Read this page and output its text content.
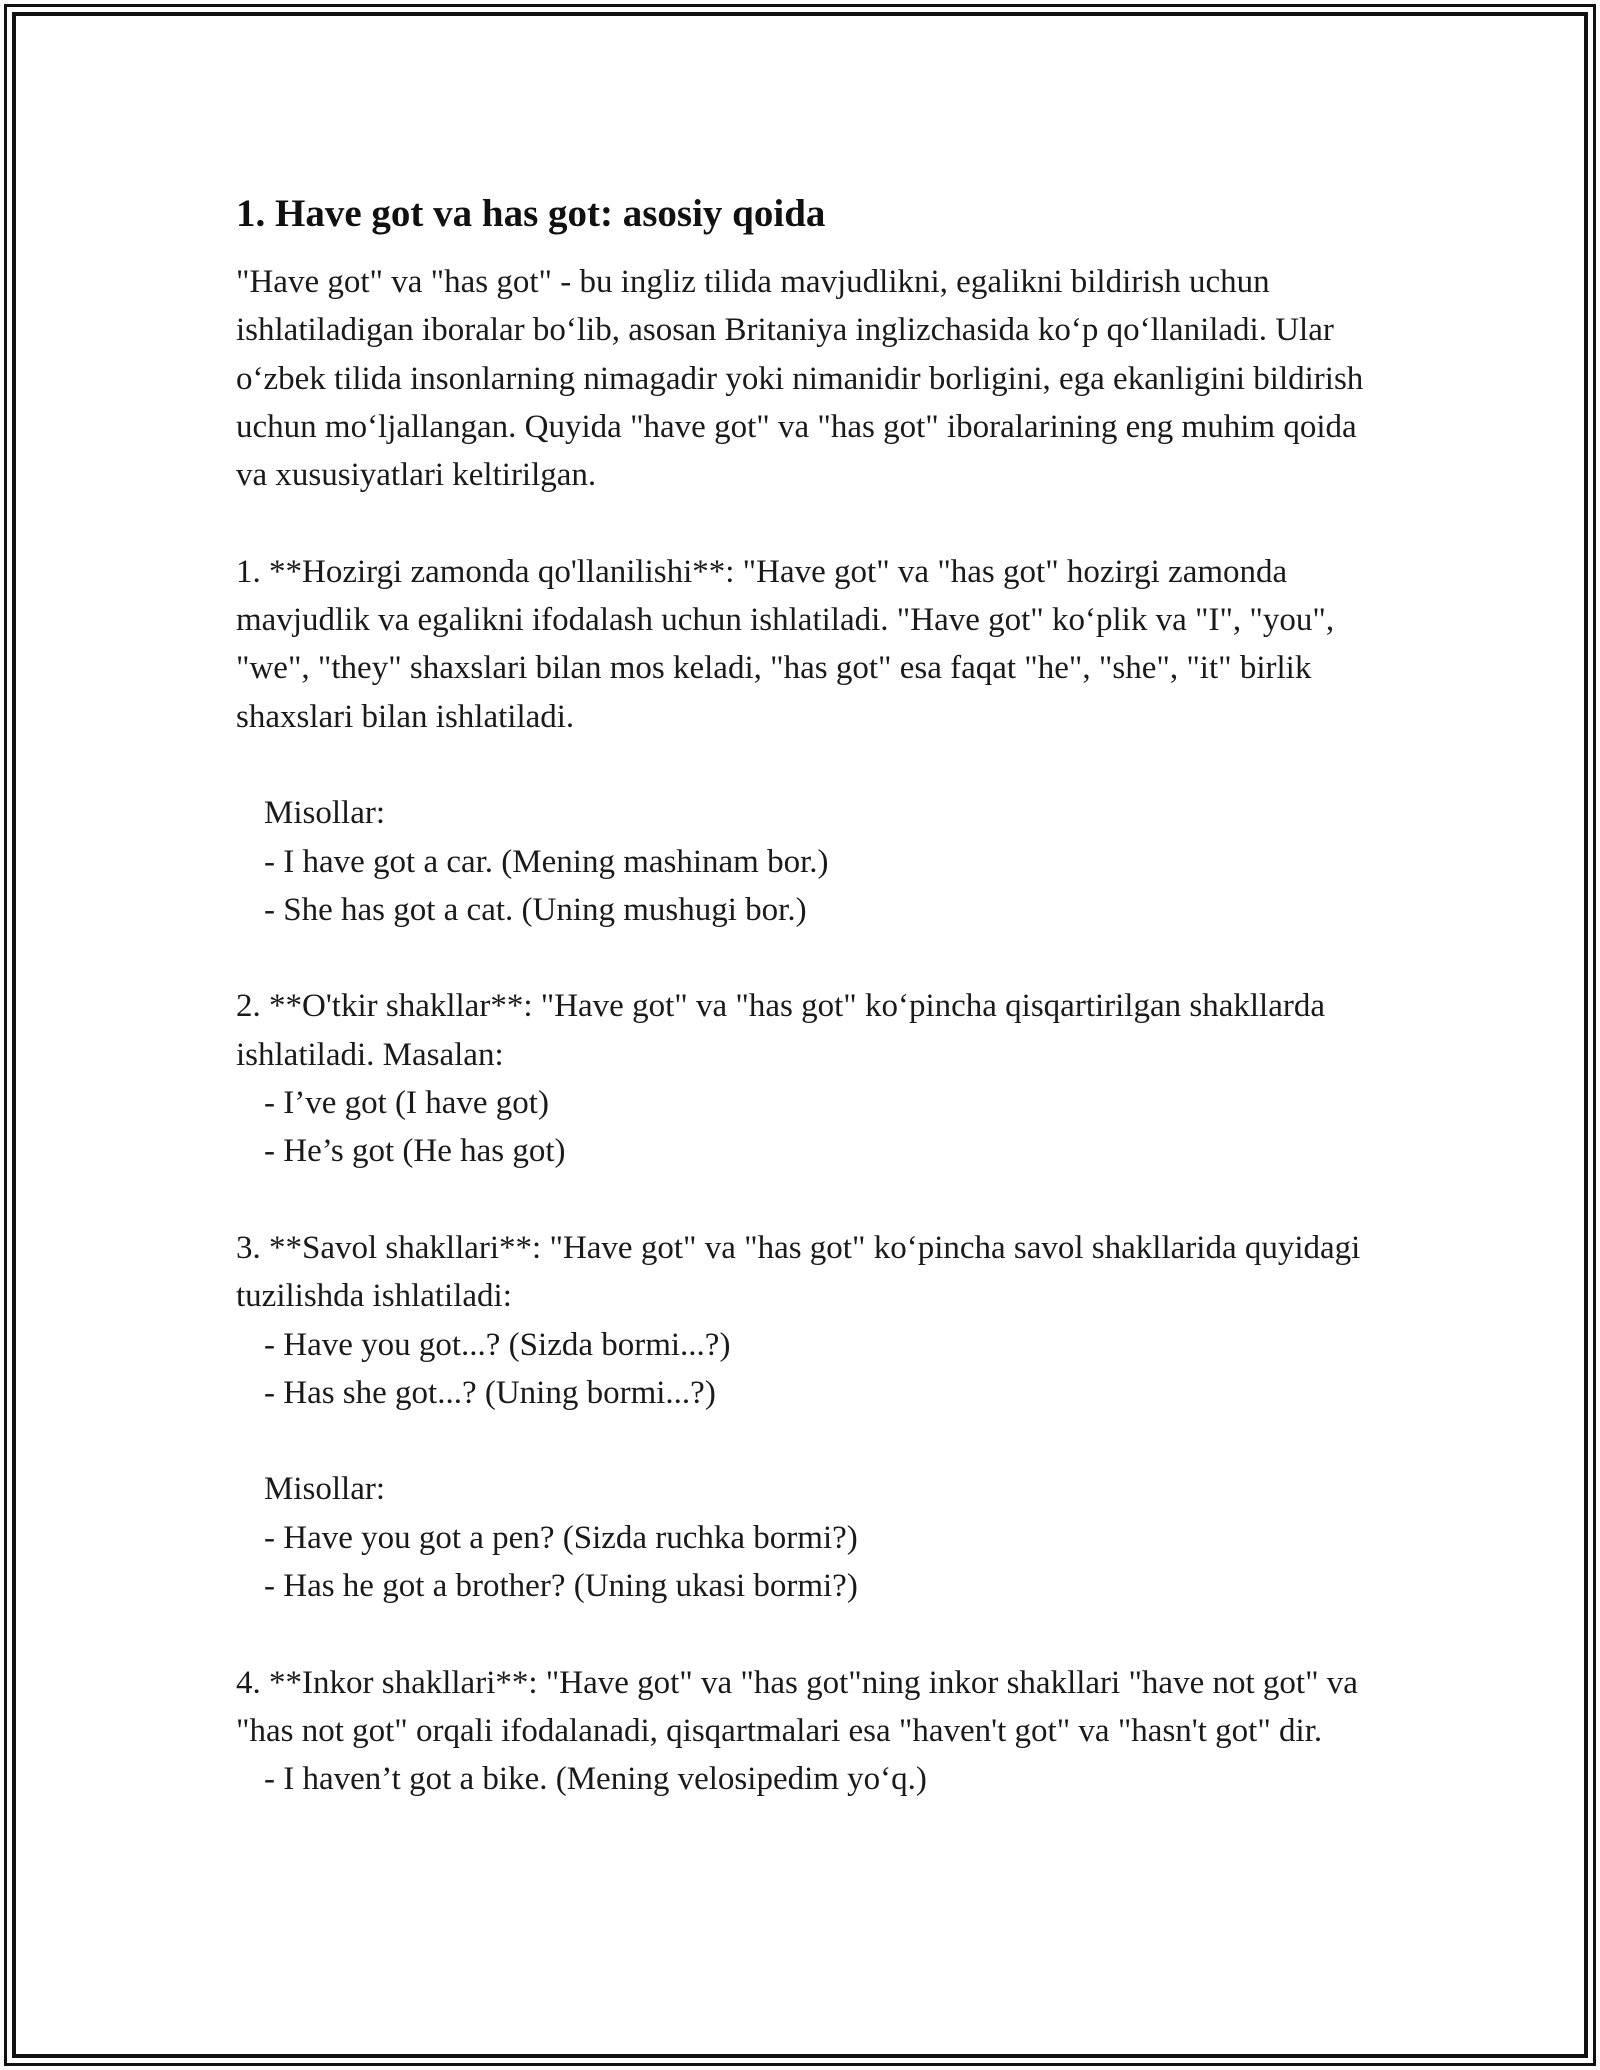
1. Have got va has got: asosiy qoida

"Have got" va "has got" - bu ingliz tilida mavjudlikni, egalikni bildirish uchun ishlatiladigan iboralar bo‘lib, asosan Britaniya inglizchasida ko‘p qo‘llaniladi. Ular o‘zbek tilida insonlarning nimagadir yoki nimanidir borligini, ega ekanligini bildirish uchun mo‘ljallangan. Quyida "have got" va "has got" iboralarining eng muhim qoida va xususiyatlari keltirilgan.

1. **Hozirgi zamonda qo'llanilishi**: "Have got" va "has got" hozirgi zamonda mavjudlik va egalikni ifodalash uchun ishlatiladi. "Have got" ko‘plik va "I", "you", "we", "they" shaxslari bilan mos keladi, "has got" esa faqat "he", "she", "it" birlik shaxslari bilan ishlatiladi.

Misollar:
- I have got a car. (Mening mashinam bor.)
- She has got a cat. (Uning mushugi bor.)

2. **O'tkir shakllar**: "Have got" va "has got" ko‘pincha qisqartirilgan shakllarda ishlatiladi. Masalan:

- I’ve got (I have got)
- He’s got (He has got)

3. **Savol shakllari**: "Have got" va "has got" ko‘pincha savol shakllarida quyidagi tuzilishda ishlatiladi:

- Have you got...? (Sizda bormi...?)
- Has she got...? (Uning bormi...?)
Misollar:
- Have you got a pen? (Sizda ruchka bormi?)
- Has he got a brother? (Uning ukasi bormi?)

4. **Inkor shakllari**: "Have got" va "has got"ning inkor shakllari "have not got" va "has not got" orqali ifodalanadi, qisqartmalari esa "haven't got" va "hasn't got" dir.

- I haven’t got a bike. (Mening velosipedim yo‘q.)
